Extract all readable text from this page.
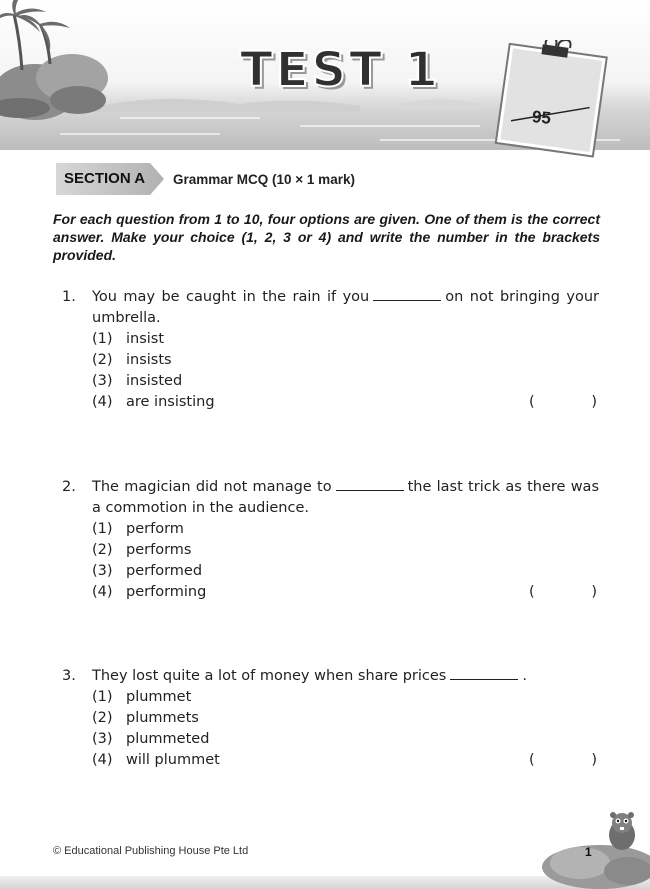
TEST 1
95
SECTION A Grammar MCQ (10 × 1 mark)
For each question from 1 to 10, four options are given. One of them is the correct answer. Make your choice (1, 2, 3 or 4) and write the number in the brackets provided.
1. You may be caught in the rain if you	on not bringing your umbrella.
(1) insist
(2) insists
(3) insisted
(4) are insisting	(	)
2. The magician did not manage to	the last trick as there was a commotion in the audience.
(1) perform
(2) performs
(3) performed
(4) performing	(	)
3. They lost quite a lot of money when share prices	.
(1) plummet
(2) plummets
(3) plummeted
(4) will plummet	(	)
© Educational Publishing House Pte Ltd	1
